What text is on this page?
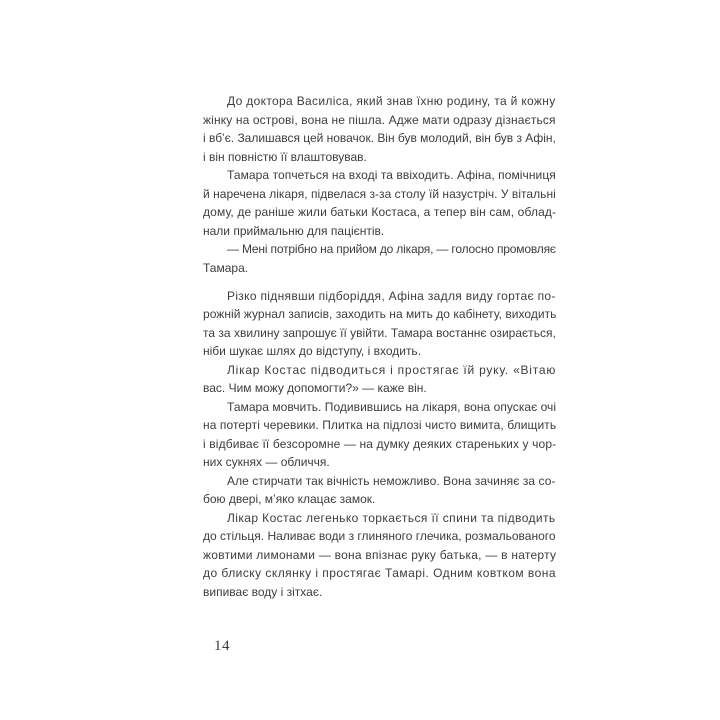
До доктора Василіса, який знав їхню родину, та й кожну
жінку на острові, вона не пішла. Адже мати одразу дізнається
і вб’є. Залишався цей новачок. Він був молодий, він був з Афін,
і він повністю її влаштовував.

Тамара топчеться на вході та ввіходить. Афіна, помічниця
й наречена лікаря, підвелася з-за столу їй назустріч. У вітальні
дому, де раніше жили батьки Костаса, а тепер він сам, облад-
нали приймальню для пацієнтів.

— Мені потрібно на прийом до лікаря, — голосно промовляє
Тамара.

Різко піднявши підборіддя, Афіна задля виду гортає по-
рожній журнал записів, заходить на мить до кабінету, виходить
та за хвилину запрошує її увійти. Тамара востаннє озирається,
ніби шукає шлях до відступу, і входить.

Лікар Костас підводиться і простягає їй руку. «Вітаю
вас. Чим можу допомогти?» — каже він.

Тамара мовчить. Подивившись на лікаря, вона опускає очі
на потерті черевики. Плитка на підлозі чисто вимита, блищить
і відбиває її безсоромне — на думку деяких стареньких у чор-
них сукнях — обличчя.

Але стирчати так вічність неможливо. Вона зачиняє за со-
бою двері, м’яко клацає замок.

Лікар Костас легенько торкається її спини та підводить
до стільця. Наливає води з глиняного глечика, розмальованого
жовтими лимонами — вона впізнає руку батька, — в натерту
до блиску склянку і простягає Тамарі. Одним ковтком вона
випиває воду і зітхає.

14
